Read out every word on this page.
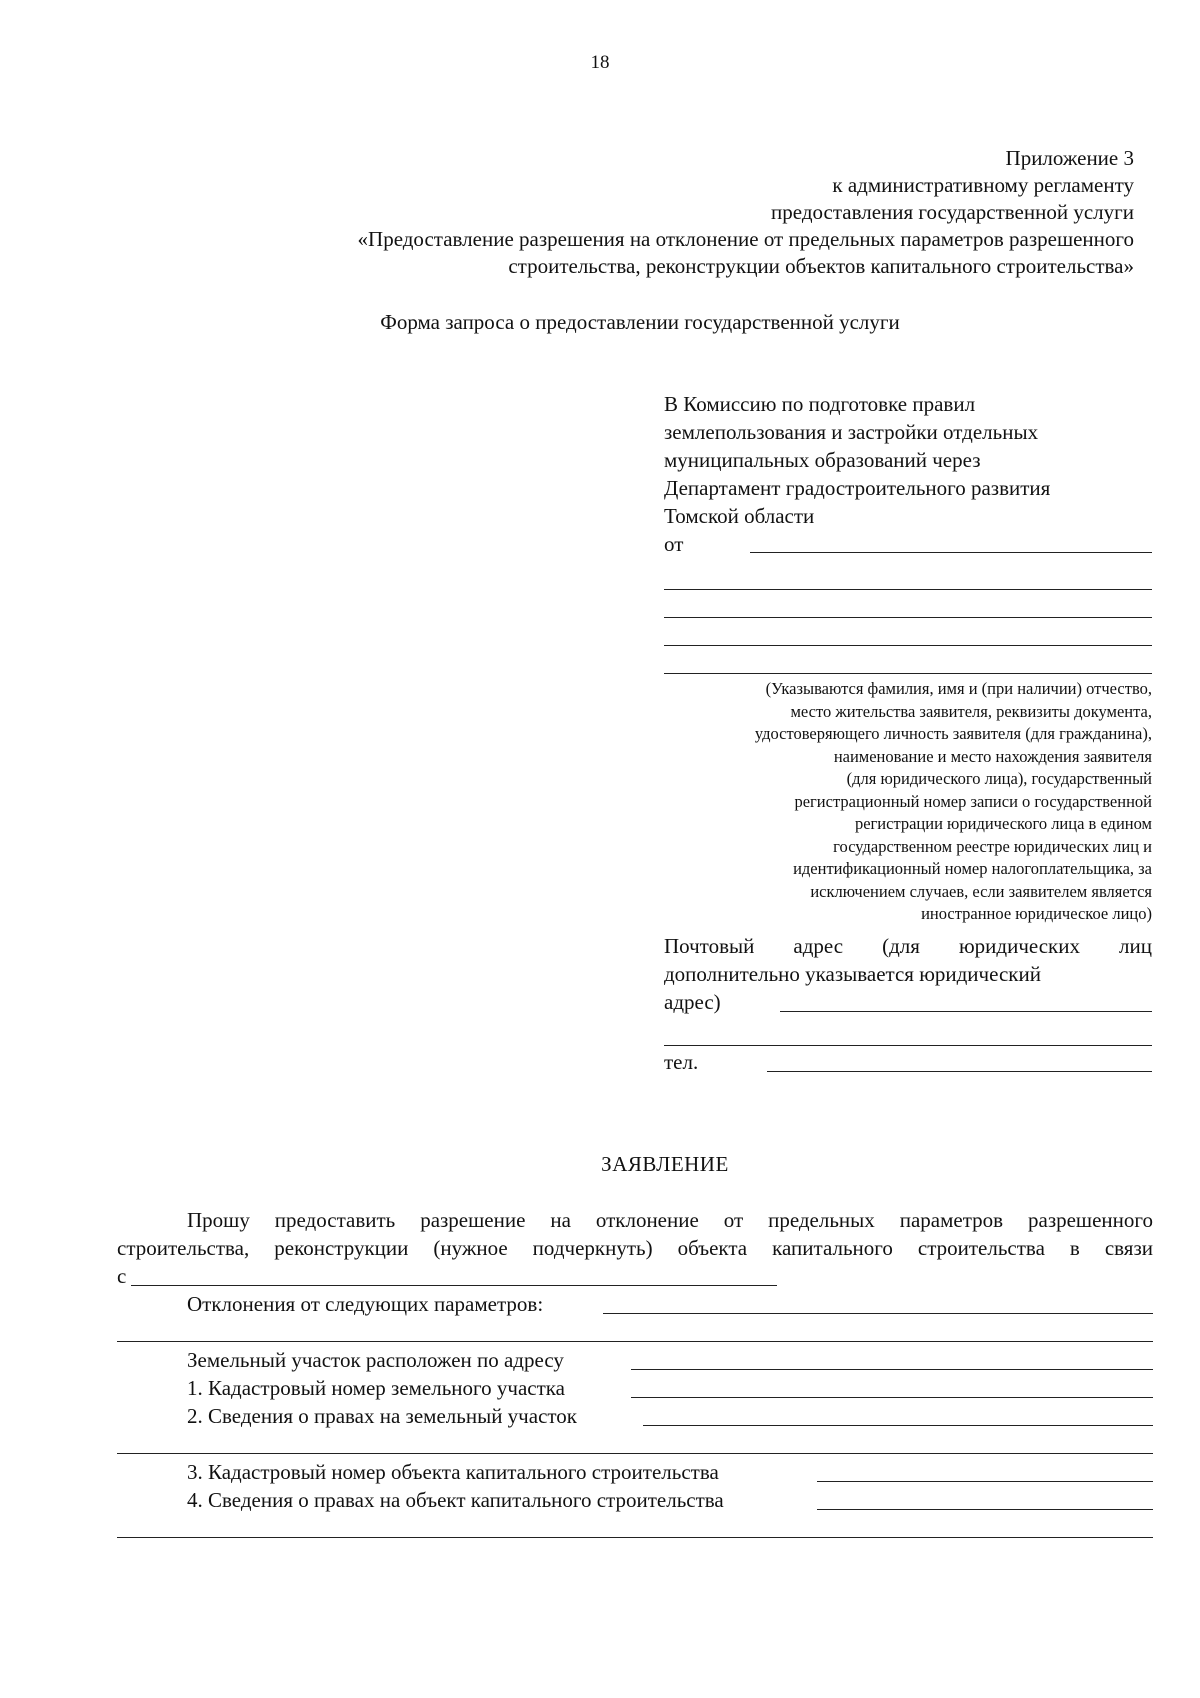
18
Приложение 3
к административному регламенту
предоставления государственной услуги
«Предоставление разрешения на отклонение от предельных параметров разрешенного
строительства, реконструкции объектов капитального строительства»
Форма запроса о предоставлении государственной услуги
В Комиссию по подготовке правил
землепользования и застройки отдельных
муниципальных образований через
Департамент градостроительного развития
Томской области
от
(Указываются фамилия, имя и (при наличии) отчество,
место жительства заявителя, реквизиты документа,
удостоверяющего личность заявителя (для гражданина),
наименование и место нахождения заявителя
(для юридического лица), государственный
регистрационный номер записи о государственной
регистрации юридического лица в едином
государственном реестре юридических лиц и
идентификационный номер налогоплательщика, за
исключением случаев, если заявителем является
иностранное юридическое лицо)
Почтовый адрес (для юридических лиц
дополнительно указывается юридический
адрес)
тел.
ЗАЯВЛЕНИЕ
Прошу предоставить разрешение на отклонение от предельных параметров разрешенного
строительства, реконструкции (нужное подчеркнуть) объекта капитального строительства в связи
с
Отклонения от следующих параметров:
Земельный участок расположен по адресу
1. Кадастровый номер земельного участка
2. Сведения о правах на земельный участок
3. Кадастровый номер объекта капитального строительства
4. Сведения о правах на объект капитального строительства
